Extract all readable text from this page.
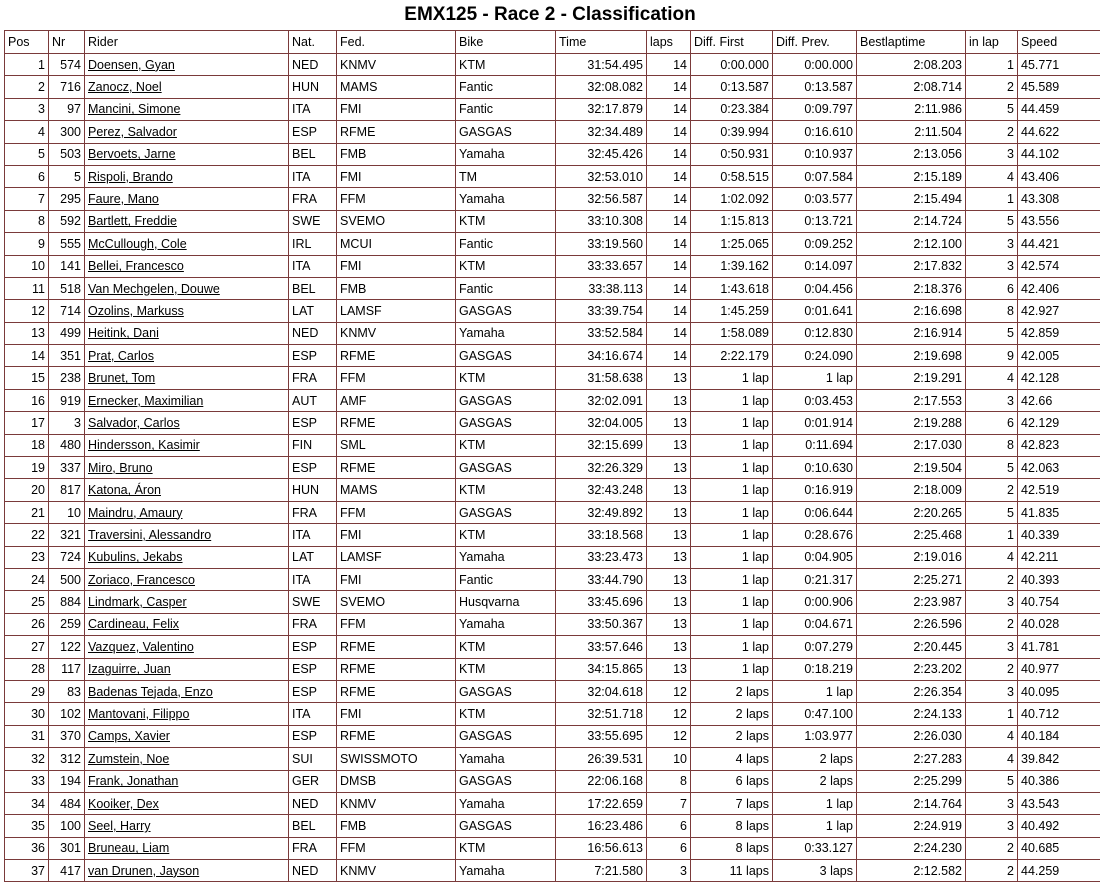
EMX125 - Race 2 - Classification
Pos	Nr	Rider	Nat.	Fed.	Bike	Time	laps	Diff. First	Diff. Prev.	Bestlaptime	in lap	Speed
1	574	Doensen, Gyan	NED	KNMV	KTM	31:54.495	14	0:00.000	0:00.000	2:08.203	1	45.771
2	716	Zanocz, Noel	HUN	MAMS	Fantic	32:08.082	14	0:13.587	0:13.587	2:08.714	2	45.589
3	97	Mancini, Simone	ITA	FMI	Fantic	32:17.879	14	0:23.384	0:09.797	2:11.986	5	44.459
4	300	Perez, Salvador	ESP	RFME	GASGAS	32:34.489	14	0:39.994	0:16.610	2:11.504	2	44.622
5	503	Bervoets, Jarne	BEL	FMB	Yamaha	32:45.426	14	0:50.931	0:10.937	2:13.056	3	44.102
6	5	Rispoli, Brando	ITA	FMI	TM	32:53.010	14	0:58.515	0:07.584	2:15.189	4	43.406
7	295	Faure, Mano	FRA	FFM	Yamaha	32:56.587	14	1:02.092	0:03.577	2:15.494	1	43.308
8	592	Bartlett, Freddie	SWE	SVEMO	KTM	33:10.308	14	1:15.813	0:13.721	2:14.724	5	43.556
9	555	McCullough, Cole	IRL	MCUI	Fantic	33:19.560	14	1:25.065	0:09.252	2:12.100	3	44.421
10	141	Bellei, Francesco	ITA	FMI	KTM	33:33.657	14	1:39.162	0:14.097	2:17.832	3	42.574
11	518	Van Mechgelen, Douwe	BEL	FMB	Fantic	33:38.113	14	1:43.618	0:04.456	2:18.376	6	42.406
12	714	Ozolins, Markuss	LAT	LAMSF	GASGAS	33:39.754	14	1:45.259	0:01.641	2:16.698	8	42.927
13	499	Heitink, Dani	NED	KNMV	Yamaha	33:52.584	14	1:58.089	0:12.830	2:16.914	5	42.859
14	351	Prat, Carlos	ESP	RFME	GASGAS	34:16.674	14	2:22.179	0:24.090	2:19.698	9	42.005
15	238	Brunet, Tom	FRA	FFM	KTM	31:58.638	13	1 lap	1 lap	2:19.291	4	42.128
16	919	Ernecker, Maximilian	AUT	AMF	GASGAS	32:02.091	13	1 lap	0:03.453	2:17.553	3	42.66
17	3	Salvador, Carlos	ESP	RFME	GASGAS	32:04.005	13	1 lap	0:01.914	2:19.288	6	42.129
18	480	Hindersson, Kasimir	FIN	SML	KTM	32:15.699	13	1 lap	0:11.694	2:17.030	8	42.823
19	337	Miro, Bruno	ESP	RFME	GASGAS	32:26.329	13	1 lap	0:10.630	2:19.504	5	42.063
20	817	Katona, Áron	HUN	MAMS	KTM	32:43.248	13	1 lap	0:16.919	2:18.009	2	42.519
21	10	Maindru, Amaury	FRA	FFM	GASGAS	32:49.892	13	1 lap	0:06.644	2:20.265	5	41.835
22	321	Traversini, Alessandro	ITA	FMI	KTM	33:18.568	13	1 lap	0:28.676	2:25.468	1	40.339
23	724	Kubulins, Jekabs	LAT	LAMSF	Yamaha	33:23.473	13	1 lap	0:04.905	2:19.016	4	42.211
24	500	Zoriaco, Francesco	ITA	FMI	Fantic	33:44.790	13	1 lap	0:21.317	2:25.271	2	40.393
25	884	Lindmark, Casper	SWE	SVEMO	Husqvarna	33:45.696	13	1 lap	0:00.906	2:23.987	3	40.754
26	259	Cardineau, Felix	FRA	FFM	Yamaha	33:50.367	13	1 lap	0:04.671	2:26.596	2	40.028
27	122	Vazquez, Valentino	ESP	RFME	KTM	33:57.646	13	1 lap	0:07.279	2:20.445	3	41.781
28	117	Izaguirre, Juan	ESP	RFME	KTM	34:15.865	13	1 lap	0:18.219	2:23.202	2	40.977
29	83	Badenas Tejada, Enzo	ESP	RFME	GASGAS	32:04.618	12	2 laps	1 lap	2:26.354	3	40.095
30	102	Mantovani, Filippo	ITA	FMI	KTM	32:51.718	12	2 laps	0:47.100	2:24.133	1	40.712
31	370	Camps, Xavier	ESP	RFME	GASGAS	33:55.695	12	2 laps	1:03.977	2:26.030	4	40.184
32	312	Zumstein, Noe	SUI	SWISSMOTO	Yamaha	26:39.531	10	4 laps	2 laps	2:27.283	4	39.842
33	194	Frank, Jonathan	GER	DMSB	GASGAS	22:06.168	8	6 laps	2 laps	2:25.299	5	40.386
34	484	Kooiker, Dex	NED	KNMV	Yamaha	17:22.659	7	7 laps	1 lap	2:14.764	3	43.543
35	100	Seel, Harry	BEL	FMB	GASGAS	16:23.486	6	8 laps	1 lap	2:24.919	3	40.492
36	301	Bruneau, Liam	FRA	FFM	KTM	16:56.613	6	8 laps	0:33.127	2:24.230	2	40.685
37	417	van Drunen, Jayson	NED	KNMV	Yamaha	7:21.580	3	11 laps	3 laps	2:12.582	2	44.259
